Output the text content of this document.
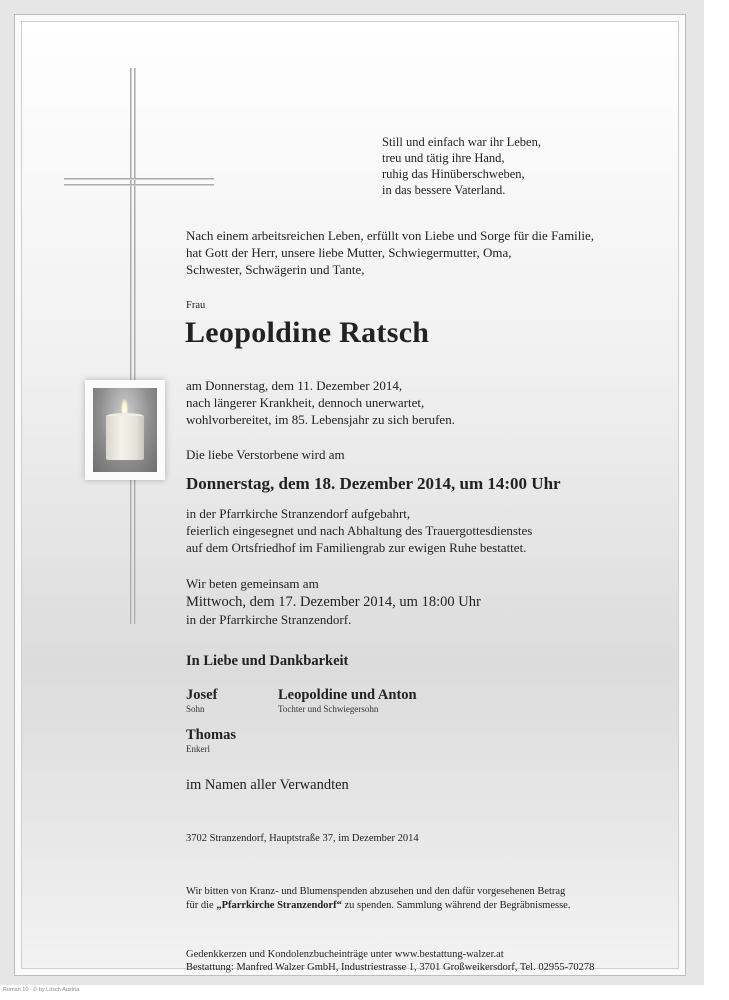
Still und einfach war ihr Leben,

treu und tätig ihre Hand,

ruhig das Hinüberschweben,

in das bessere Vaterland.

Nach einem arbeitsreichen Leben, erfüllt von Liebe und Sorge für die Familie,

hat Gott der Herr, unsere liebe Mutter, Schwiegermutter, Oma,

Schwester, Schwägerin und Tante,

Frau

Leopoldine Ratsch

am Donnerstag, dem 11. Dezember 2014,

nach längerer Krankheit, dennoch unerwartet,

wohlvorbereitet, im 85. Lebensjahr zu sich berufen.

Die liebe Verstorbene wird am

Donnerstag, dem 18. Dezember 2014, um 14:00 Uhr

in der Pfarrkirche Stranzendorf aufgebahrt,

feierlich eingesegnet und nach Abhaltung des Trauergottesdienstes

auf dem Ortsfriedhof im Familiengrab zur ewigen Ruhe bestattet.

Wir beten gemeinsam am

Mittwoch, dem 17. Dezember 2014, um 18:00 Uhr

in der Pfarrkirche Stranzendorf.

In Liebe und Dankbarkeit

Josef

Sohn

Leopoldine und Anton

Tochter und Schwiegersohn

Thomas

Enkerl

im Namen aller Verwandten

3702 Stranzendorf, Hauptstraße 37, im Dezember 2014

Wir bitten von Kranz- und Blumenspenden abzusehen und den dafür vorgesehenen Betrag

für die „Pfarrkirche Stranzendorf“ zu spenden. Sammlung während der Begräbnismesse.

Gedenkkerzen und Kondolenzbucheinträge unter www.bestattung-walzer.at

Bestattung: Manfred Walzer GmbH, Industriestrasse 1, 3701 Großweikersdorf, Tel. 02955-70278

Roman 10 - © by Lösch Austria
